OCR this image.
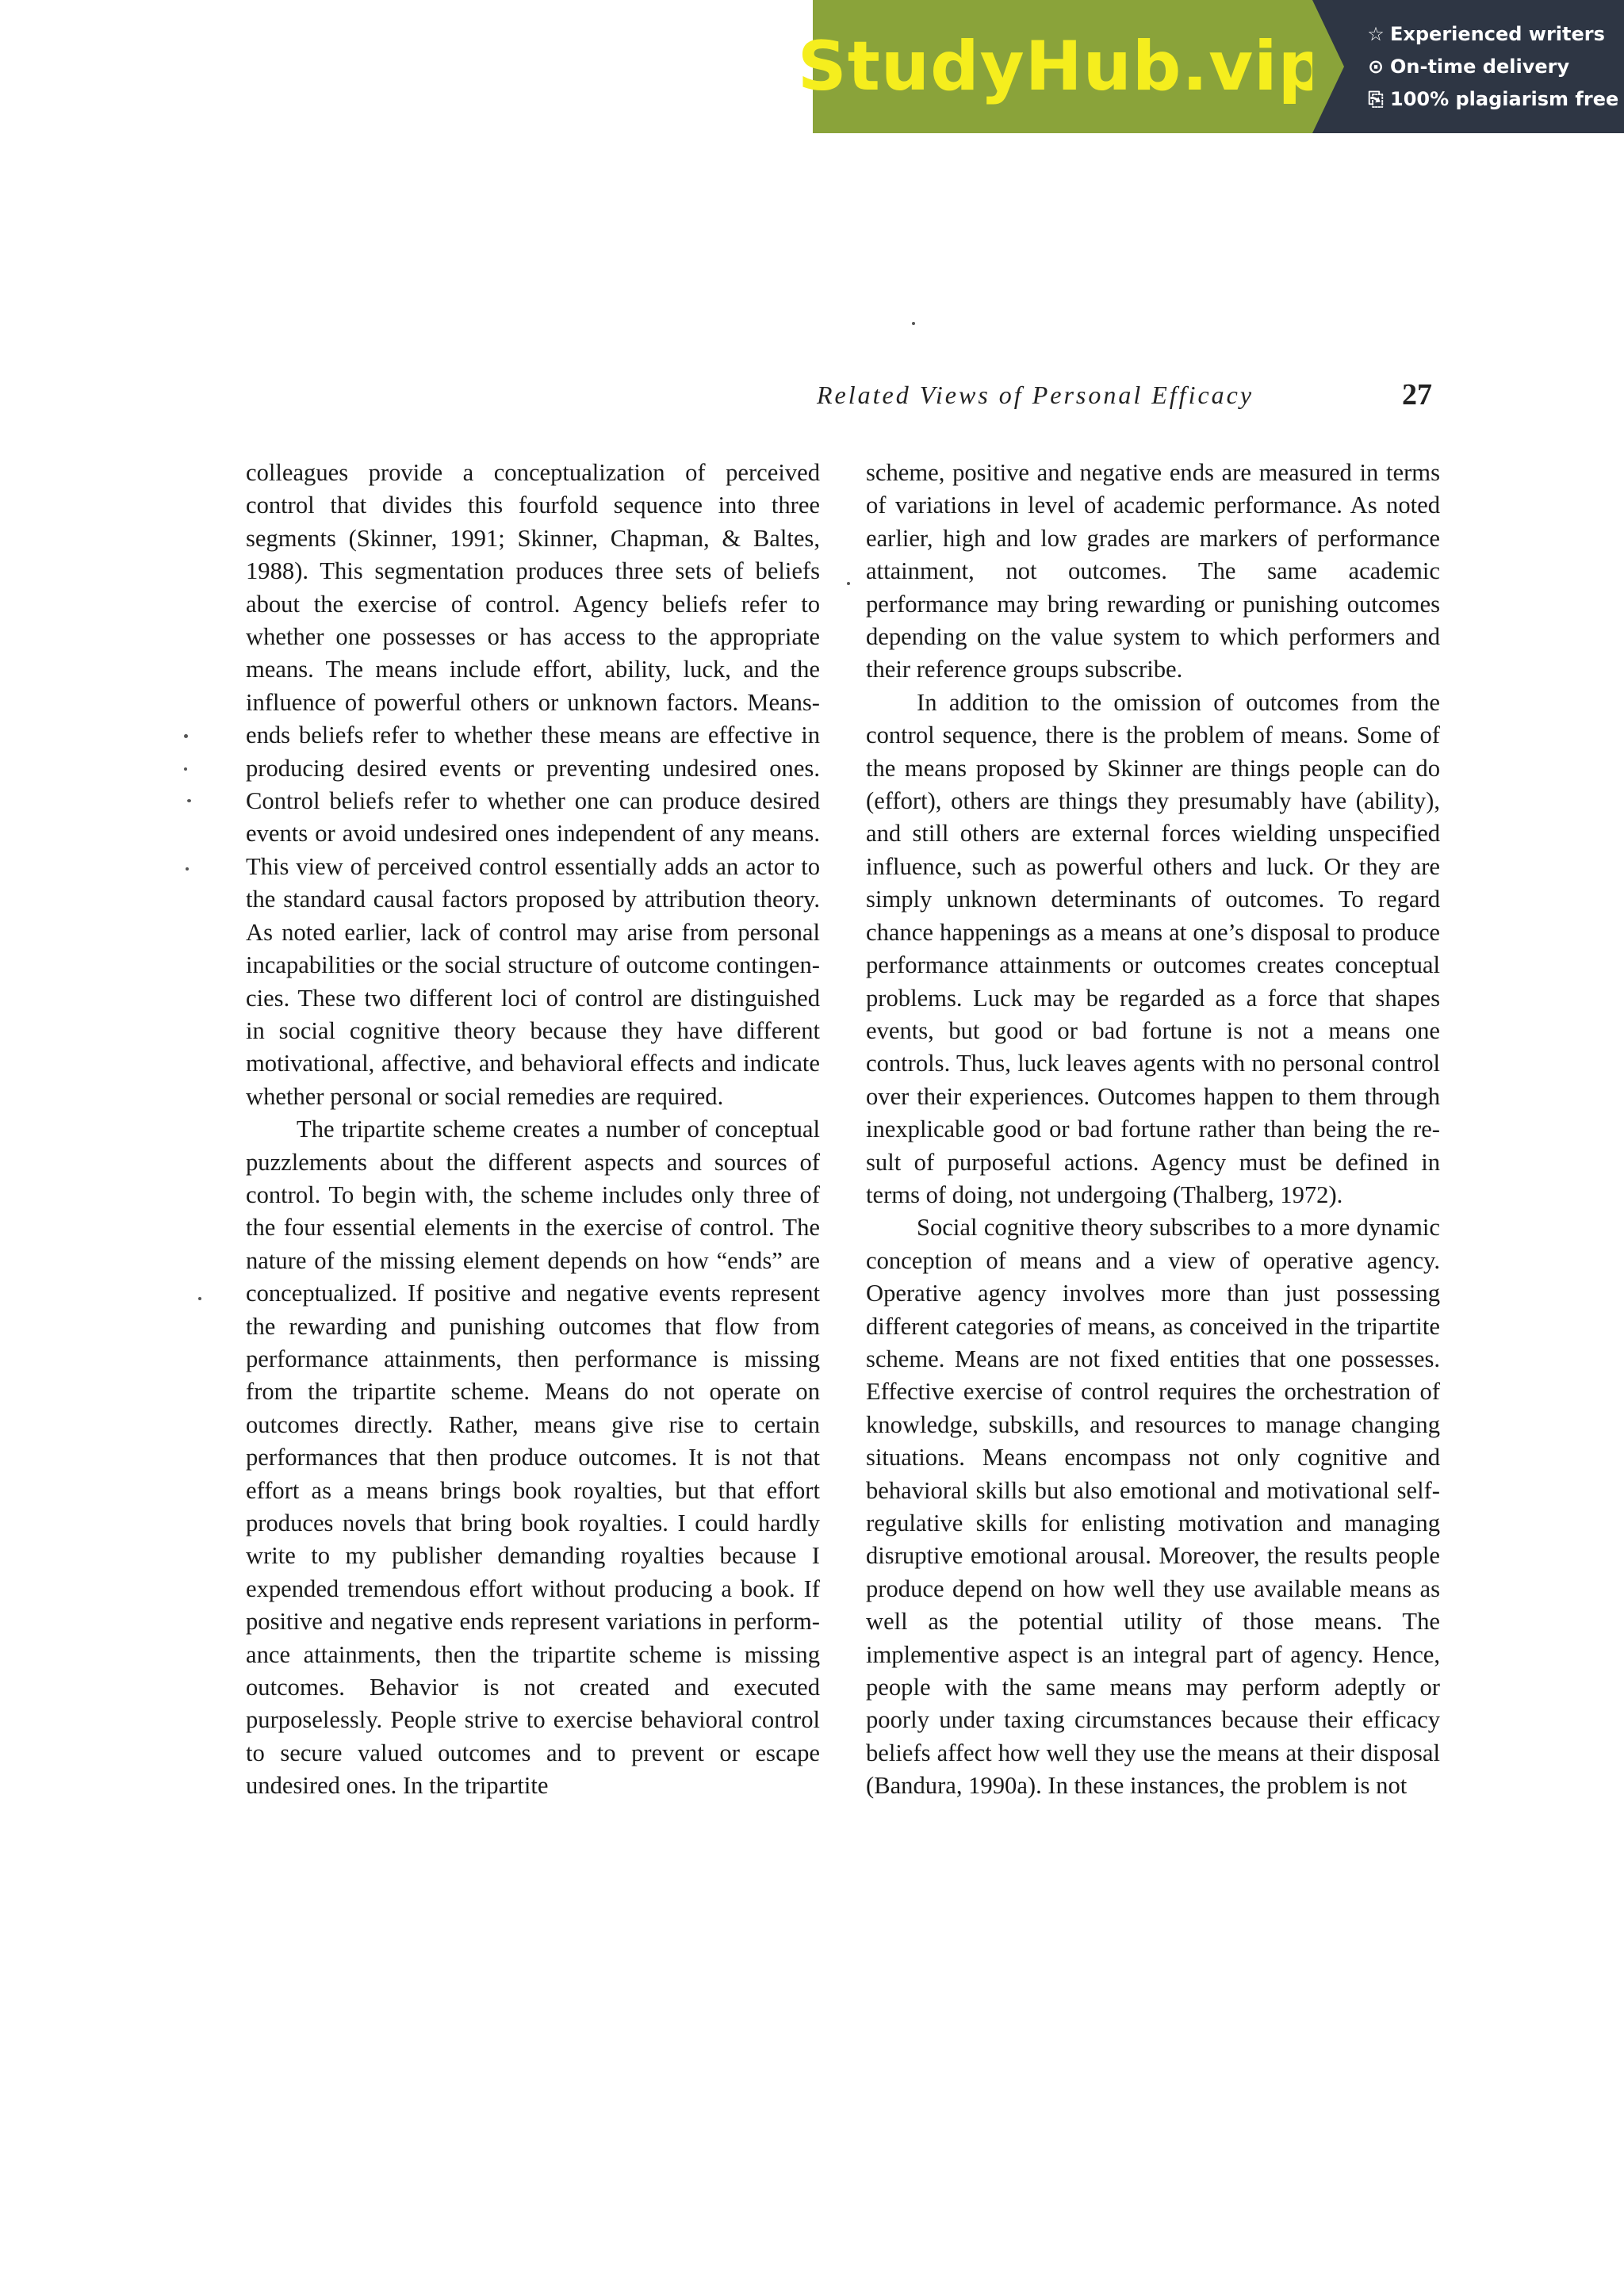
StudyHub.vip ☆ Experienced writers
⊙ On-time delivery
⎘ 100% plagiarism free
Related Views of Personal Efficacy	27

colleagues provide a conceptualization of perceived control that divides this fourfold sequence into three segments (Skinner, 1991; Skinner, Chapman, & Baltes, 1988). This segmentation produces three sets of beliefs about the exercise of control. Agency beliefs refer to whether one possesses or has access to the appropriate means. The means include effort, ability, luck, and the influence of powerful others or unknown factors. Means-ends beliefs refer to whether these means are effective in producing desired events or preventing undesired ones. Control beliefs refer to whether one can produce desired events or avoid undesired ones independent of any means. This view of perceived control essentially adds an actor to the standard causal factors proposed by attribution theory. As noted earlier, lack of control may arise from personal incapabilities or the social structure of outcome contingencies. These two different loci of control are distinguished in social cognitive theory because they have different motivational, affective, and behavioral effects and indicate whether personal or social remedies are required.

The tripartite scheme creates a number of conceptual puzzlements about the different aspects and sources of control. To begin with, the scheme includes only three of the four essential elements in the exercise of control. The nature of the missing element depends on how “ends” are conceptualized. If positive and negative events represent the rewarding and punishing outcomes that flow from performance attainments, then performance is missing from the tripartite scheme. Means do not operate on outcomes directly. Rather, means give rise to certain performances that then produce outcomes. It is not that effort as a means brings book royalties, but that effort produces novels that bring book royalties. I could hardly write to my publisher demanding royalties because I expended tremendous effort without producing a book. If positive and negative ends represent variations in performance attainments, then the tripartite scheme is missing outcomes. Behavior is not created and executed purposelessly. People strive to exercise behavioral control to secure valued outcomes and to prevent or escape undesired ones. In the tripartite

scheme, positive and negative ends are measured in terms of variations in level of academic performance. As noted earlier, high and low grades are markers of performance attainment, not outcomes. The same academic performance may bring rewarding or punishing outcomes depending on the value system to which performers and their reference groups subscribe.

In addition to the omission of outcomes from the control sequence, there is the problem of means. Some of the means proposed by Skinner are things people can do (effort), others are things they presumably have (ability), and still others are external forces wielding unspecified influence, such as powerful others and luck. Or they are simply unknown determinants of outcomes. To regard chance happenings as a means at one’s disposal to produce performance attainments or outcomes creates conceptual problems. Luck may be regarded as a force that shapes events, but good or bad fortune is not a means one controls. Thus, luck leaves agents with no personal control over their experiences. Outcomes happen to them through inexplicable good or bad fortune rather than being the result of purposeful actions. Agency must be defined in terms of doing, not undergoing (Thalberg, 1972).

Social cognitive theory subscribes to a more dynamic conception of means and a view of operative agency. Operative agency involves more than just possessing different categories of means, as conceived in the tripartite scheme. Means are not fixed entities that one possesses. Effective exercise of control requires the orchestration of knowledge, subskills, and resources to manage changing situations. Means encompass not only cognitive and behavioral skills but also emotional and motivational self-regulative skills for enlisting motivation and managing disruptive emotional arousal. Moreover, the results people produce depend on how well they use available means as well as the potential utility of those means. The implementive aspect is an integral part of agency. Hence, people with the same means may perform adeptly or poorly under taxing circumstances because their efficacy beliefs affect how well they use the means at their disposal (Bandura, 1990a). In these instances, the problem is not
